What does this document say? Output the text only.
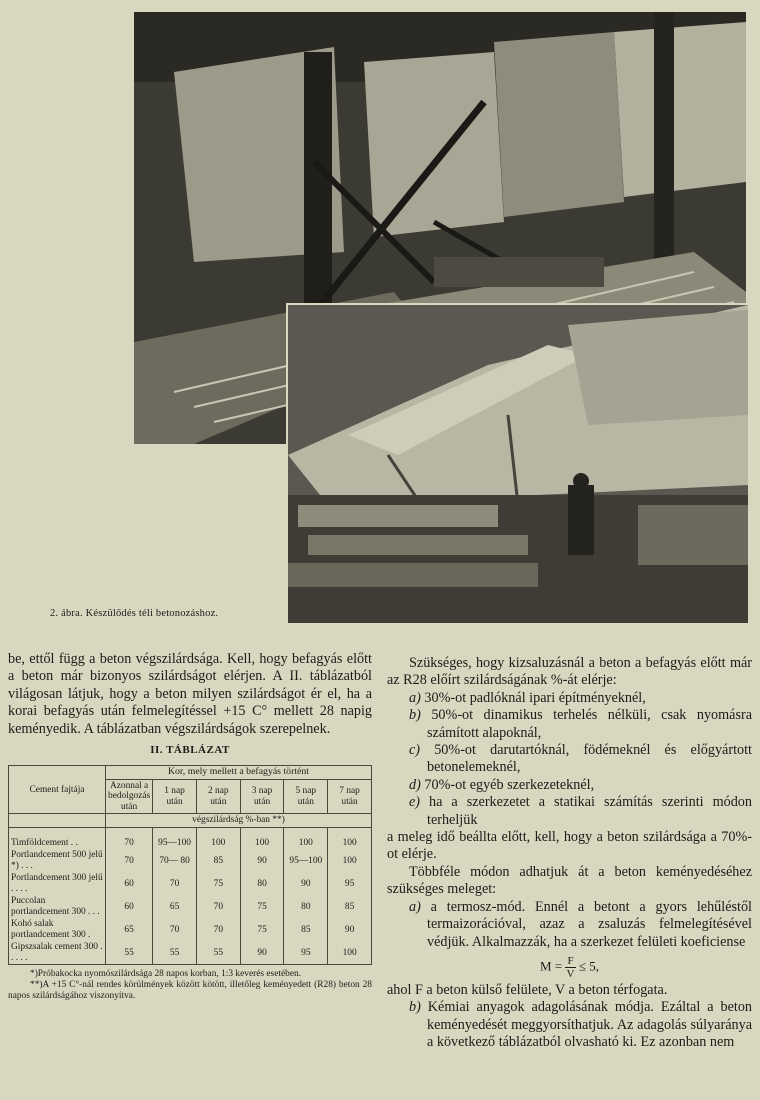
2. ábra. Készülődés téli betonozáshoz.

be, ettől függ a beton végszilárdsága. Kell, hogy befagyás előtt a beton már bizonyos szilárdságot elérjen. A II. táblázatból világosan látjuk, hogy a beton milyen szilárdságot ér el, ha a korai befagyás után felmelegítéssel +15 C° mellett 28 napig keményedik. A táblázatban végszilárdságok szerepelnek.

II. TÁBLÁZAT
Cement fajtája	Kor, mely mellett a befagyás történt					
	Azonnal a bedolgozás után	1 nap után	2 nap után	3 nap után	5 nap után	7 nap után
	végszilárdság %-ban **)					
Timföldcement . .	70	95—100	100	100	100	100
Portlandcement 500 jelű *) . . .	70	70— 80	85	90	95—100	100
Portlandcement 300 jelű . . . .	60	70	75	80	90	95
Puccolan portlandcement 300 . . .	60	65	70	75	80	85
Kohó salak portlandcement 300 .	65	70	70	75	85	90
Gipszsalak cement 300 . . . . .	55	55	55	90	95	100

*)Próbakocka nyomószilárdsága 28 napos korban, 1:3 keverés esetében.

**)A +15 C°-nál rendes körülmények között kötött, illetőleg keményedett (R28) beton 28 napos szilárdságához viszonyítva.

Szükséges, hogy kizsaluzásnál a beton a befagyás előtt már az R28 előírt szilárdságának %-át elérje:

a) 30%-ot padlóknál ipari építményeknél,
b) 50%-ot dinamikus terhelés nélküli, csak nyomásra számított alapoknál,
c) 50%-ot darutartóknál, födémeknél és előgyártott betonelemeknél,
d) 70%-ot egyéb szerkezeteknél,
e) ha a szerkezetet a statikai számítás szerinti módon terheljük

a meleg idő beállta előtt, kell, hogy a beton szilárdsága a 70%-ot elérje.

Többféle módon adhatjuk át a beton keményedéséhez szükséges meleget:

a) a termosz-mód. Ennél a betont a gyors lehűléstől termaizorációval, azaz a zsaluzás felmelegítésével védjük. Alkalmazzák, ha a szerkezet felületi koeficiense
$M = \frac{F}{V} \le 5$,

ahol F a beton külső felülete, V a beton térfogata.

b) Kémiai anyagok adagolásának módja. Ezáltal a beton keményedését meggyorsíthatjuk. Az adagolás súlyaránya a következő táblázatból olvasható ki. Ez azonban nem
